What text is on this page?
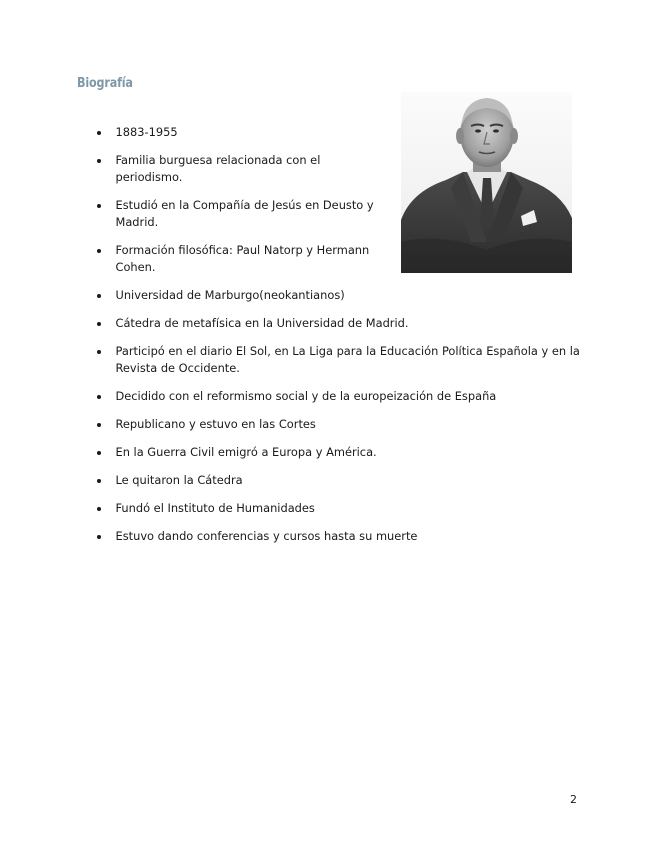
Biografía
1883-1955
Familia burguesa relacionada con el periodismo.
Estudió en la Compañía de Jesús en Deusto y Madrid.
Formación filosófica: Paul Natorp y Hermann Cohen.
Universidad de Marburgo(neokantianos)
Cátedra de metafísica en la Universidad de Madrid.
Participó en el diario El Sol, en La Liga para la Educación Política Española y en la Revista de Occidente.
Decidido con el reformismo social y de la europeización de España
Republicano y estuvo en las Cortes
En la Guerra Civil emigró a Europa y América.
Le quitaron la Cátedra
Fundó el Instituto de Humanidades
Estuvo dando conferencias y cursos hasta su muerte
2
